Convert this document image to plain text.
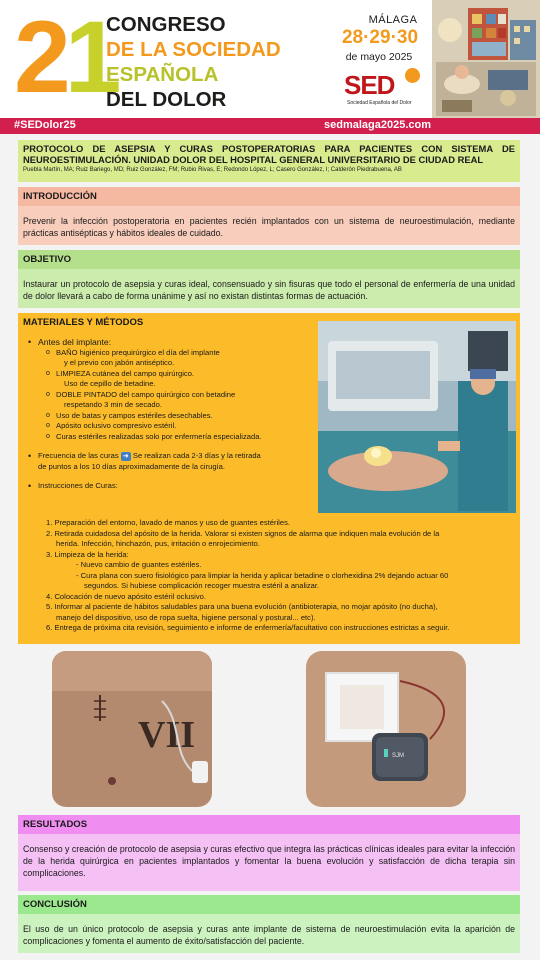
21
CONGRESO
DE LA SOCIEDAD
ESPAÑOLA
DEL DOLOR
MÁLAGA
28·29·30
de mayo 2025
SED
Sociedad Española del Dolor
#SEDolor25	sedmalaga2025.com
PROTOCOLO DE ASEPSIA Y CURAS POSTOPERATORIAS PARA PACIENTES CON SISTEMA DE NEUROESTIMULACIÓN. UNIDAD DOLOR DEL HOSPITAL GENERAL UNIVERSITARIO DE CIUDAD REAL
Puebla Martín, MA; Ruiz Bariego, MD; Ruiz González, FM; Rubio Rivas, E; Redondo López, L; Casero González, I; Calderón Piedrabuena, AB
INTRODUCCIÓN
Prevenir la infección postoperatoria en pacientes recién implantados con un sistema de neuroestimulación, mediante prácticas antisépticas y hábitos ideales de cuidado.
OBJETIVO
Instaurar un protocolo de asepsia y curas ideal, consensuado y sin fisuras que todo el personal de enfermería de una unidad de dolor llevará a cabo de forma unánime y así no existan distintas formas de actuación.
MATERIALES Y MÉTODOS
• Antes del implante:
o BAÑO higiénico prequirúrgico el día del implante
y el previo con jabón antiséptico.
o LIMPIEZA cutánea del campo quirúrgico.
Uso de cepillo de betadine.
o DOBLE PINTADO del campo quirúrgico con betadine
respetando 3 min de secado.
o Uso de batas y campos estériles desechables.
o Apósito oclusivo compresivo estéril.
o Curas estériles realizadas solo por enfermería especializada.
• Frecuencia de las curas ➜ Se realizan cada 2-3 días y la retirada
de puntos a los 10 días aproximadamente de la cirugía.
• Instrucciones de Curas:
1. Preparación del entorno, lavado de manos y uso de guantes estériles.
2. Retirada cuidadosa del apósito de la herida. Valorar si existen signos de alarma que indiquen mala evolución de la
herida. Infección, hinchazón, pus, irritación o enrojecimiento.
3. Limpieza de la herida:
- Nuevo cambio de guantes estériles.
- Cura plana con suero fisiológico para limpiar la herida y aplicar betadine o clorhexidina 2% dejando actuar 60
segundos. Si hubiese complicación recoger muestra estéril a analizar.
4. Colocación de nuevo apósito estéril oclusivo.
5. Informar al paciente de hábitos saludables para una buena evolución (antibioterapia, no mojar apósito (no ducha),
manejo del dispositivo, uso de ropa suelta, higiene personal y postural... etc).
6. Entrega de próxima cita revisión, seguimiento e informe de enfermería/facultativo con instrucciones estrictas a seguir.
VII	SJM
RESULTADOS
Consenso y creación de protocolo de asepsia y curas efectivo que integra las prácticas clínicas ideales para evitar la infección de la herida quirúrgica en pacientes implantados y fomentar la buena evolución y satisfacción de dicha terapia sin complicaciones.
CONCLUSIÓN
El uso de un único protocolo de asepsia y curas ante implante de sistema de neuroestimulación evita la aparición de complicaciones y fomenta el aumento de éxito/satisfacción del paciente.
